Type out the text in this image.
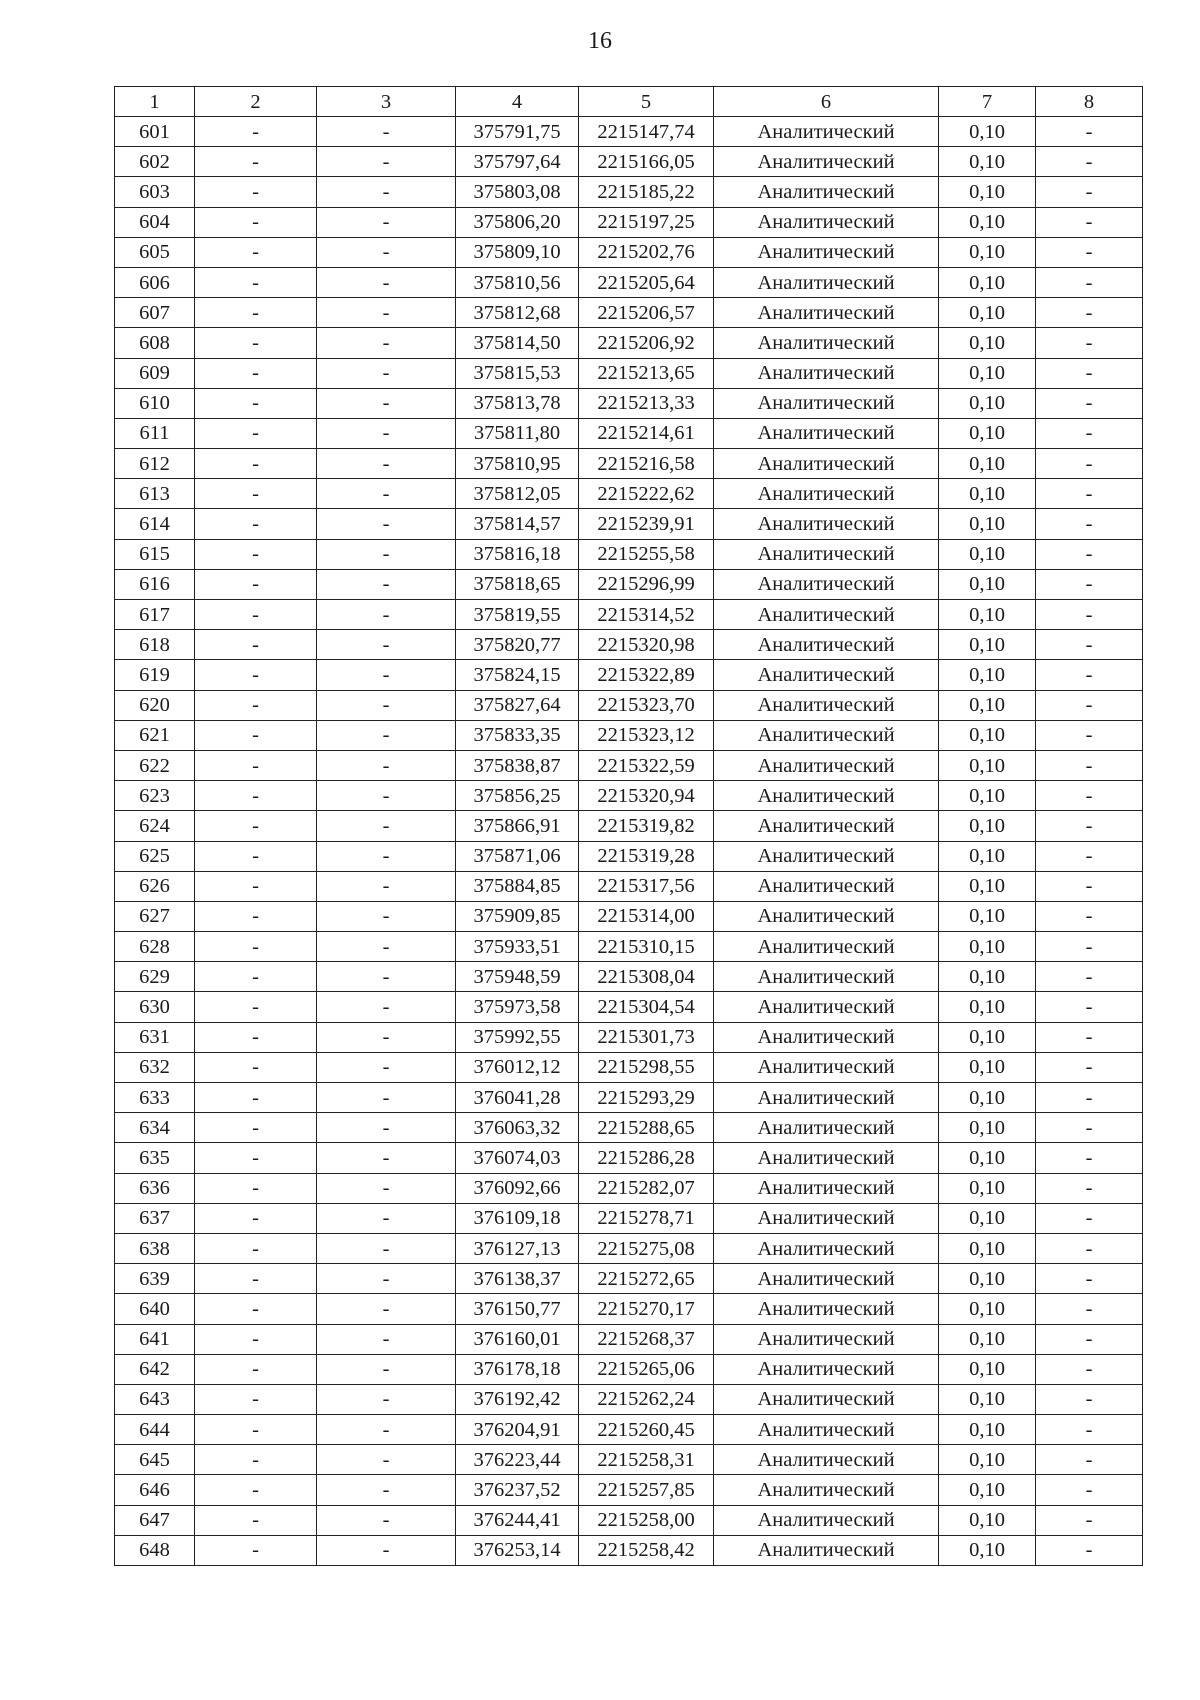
16
1	2	3	4	5	6	7	8
601	-	-	375791,75	2215147,74	Аналитический	0,10	-
602	-	-	375797,64	2215166,05	Аналитический	0,10	-
603	-	-	375803,08	2215185,22	Аналитический	0,10	-
604	-	-	375806,20	2215197,25	Аналитический	0,10	-
605	-	-	375809,10	2215202,76	Аналитический	0,10	-
606	-	-	375810,56	2215205,64	Аналитический	0,10	-
607	-	-	375812,68	2215206,57	Аналитический	0,10	-
608	-	-	375814,50	2215206,92	Аналитический	0,10	-
609	-	-	375815,53	2215213,65	Аналитический	0,10	-
610	-	-	375813,78	2215213,33	Аналитический	0,10	-
611	-	-	375811,80	2215214,61	Аналитический	0,10	-
612	-	-	375810,95	2215216,58	Аналитический	0,10	-
613	-	-	375812,05	2215222,62	Аналитический	0,10	-
614	-	-	375814,57	2215239,91	Аналитический	0,10	-
615	-	-	375816,18	2215255,58	Аналитический	0,10	-
616	-	-	375818,65	2215296,99	Аналитический	0,10	-
617	-	-	375819,55	2215314,52	Аналитический	0,10	-
618	-	-	375820,77	2215320,98	Аналитический	0,10	-
619	-	-	375824,15	2215322,89	Аналитический	0,10	-
620	-	-	375827,64	2215323,70	Аналитический	0,10	-
621	-	-	375833,35	2215323,12	Аналитический	0,10	-
622	-	-	375838,87	2215322,59	Аналитический	0,10	-
623	-	-	375856,25	2215320,94	Аналитический	0,10	-
624	-	-	375866,91	2215319,82	Аналитический	0,10	-
625	-	-	375871,06	2215319,28	Аналитический	0,10	-
626	-	-	375884,85	2215317,56	Аналитический	0,10	-
627	-	-	375909,85	2215314,00	Аналитический	0,10	-
628	-	-	375933,51	2215310,15	Аналитический	0,10	-
629	-	-	375948,59	2215308,04	Аналитический	0,10	-
630	-	-	375973,58	2215304,54	Аналитический	0,10	-
631	-	-	375992,55	2215301,73	Аналитический	0,10	-
632	-	-	376012,12	2215298,55	Аналитический	0,10	-
633	-	-	376041,28	2215293,29	Аналитический	0,10	-
634	-	-	376063,32	2215288,65	Аналитический	0,10	-
635	-	-	376074,03	2215286,28	Аналитический	0,10	-
636	-	-	376092,66	2215282,07	Аналитический	0,10	-
637	-	-	376109,18	2215278,71	Аналитический	0,10	-
638	-	-	376127,13	2215275,08	Аналитический	0,10	-
639	-	-	376138,37	2215272,65	Аналитический	0,10	-
640	-	-	376150,77	2215270,17	Аналитический	0,10	-
641	-	-	376160,01	2215268,37	Аналитический	0,10	-
642	-	-	376178,18	2215265,06	Аналитический	0,10	-
643	-	-	376192,42	2215262,24	Аналитический	0,10	-
644	-	-	376204,91	2215260,45	Аналитический	0,10	-
645	-	-	376223,44	2215258,31	Аналитический	0,10	-
646	-	-	376237,52	2215257,85	Аналитический	0,10	-
647	-	-	376244,41	2215258,00	Аналитический	0,10	-
648	-	-	376253,14	2215258,42	Аналитический	0,10	-
